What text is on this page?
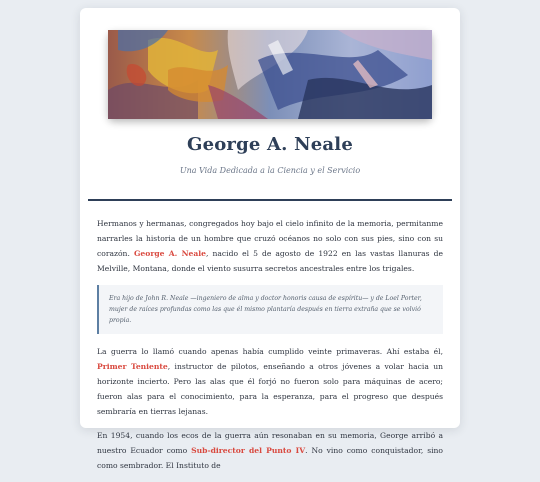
George A. Neale
Una Vida Dedicada a la Ciencia y el Servicio

Hermanos y hermanas, congregados hoy bajo el cielo infinito de la memoria, permitanme narrarles la historia de un hombre que cruzó océanos no solo con sus pies, sino con su corazón. George A. Neale, nacido el 5 de agosto de 1922 en las vastas llanuras de Melville, Montana, donde el viento susurra secretos ancestrales entre los trigales.

Era hijo de John R. Neale —ingeniero de alma y doctor honoris causa de espíritu— y de Loel Porter, mujer de raíces profundas como las que él mismo plantaría después en tierra extraña que se volvió propia.

La guerra lo llamó cuando apenas había cumplido veinte primaveras. Ahí estaba él, Primer Teniente, instructor de pilotos, enseñando a otros jóvenes a volar hacia un horizonte incierto. Pero las alas que él forjó no fueron solo para máquinas de acero; fueron alas para el conocimiento, para la esperanza, para el progreso que después sembraría en tierras lejanas.

En 1954, cuando los ecos de la guerra aún resonaban en su memoria, George arribó a nuestro Ecuador como Sub-director del Punto IV. No vino como conquistador, sino como sembrador. El Instituto de
